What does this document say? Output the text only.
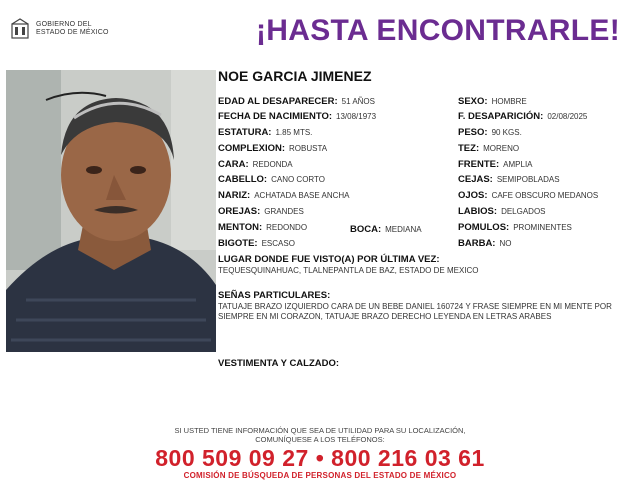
GOBIERNO DEL
ESTADO DE MÉXICO	¡HASTA ENCONTRARLE!
NOE GARCIA JIMENEZ
EDAD AL DESAPARECER: 51 AÑOS
FECHA DE NACIMIENTO: 13/08/1973
ESTATURA: 1.85 MTS.
COMPLEXION: ROBUSTA
CARA: REDONDA
CABELLO: CANO CORTO
NARIZ: ACHATADA BASE ANCHA
OREJAS: GRANDES
MENTON: REDONDO	BOCA: MEDIANA
BIGOTE: ESCASO
SEXO: HOMBRE
F. DESAPARICIÓN: 02/08/2025
PESO: 90 KGS.
TEZ: MORENO
FRENTE: AMPLIA
CEJAS: SEMIPOBLADAS
OJOS: CAFE OBSCURO MEDANOS
LABIOS: DELGADOS
POMULOS: PROMINENTES
BARBA: NO
LUGAR DONDE FUE VISTO(A) POR ÚLTIMA VEZ:
TEQUESQUINAHUAC, TLALNEPANTLA DE BAZ, ESTADO DE MEXICO
SEÑAS PARTICULARES:
TATUAJE BRAZO IZQUIERDO CARA DE UN BEBE DANIEL 160724 Y FRASE SIEMPRE EN MI MENTE POR SIEMPRE EN MI CORAZON, TATUAJE BRAZO DERECHO LEYENDA EN LETRAS ARABES
VESTIMENTA Y CALZADO:
SI USTED TIENE INFORMACIÓN QUE SEA DE UTILIDAD PARA SU LOCALIZACIÓN,
COMUNÍQUESE A LOS TELÉFONOS:
800 509 09 27 • 800 216 03 61
COMISIÓN DE BÚSQUEDA DE PERSONAS DEL ESTADO DE MÉXICO
